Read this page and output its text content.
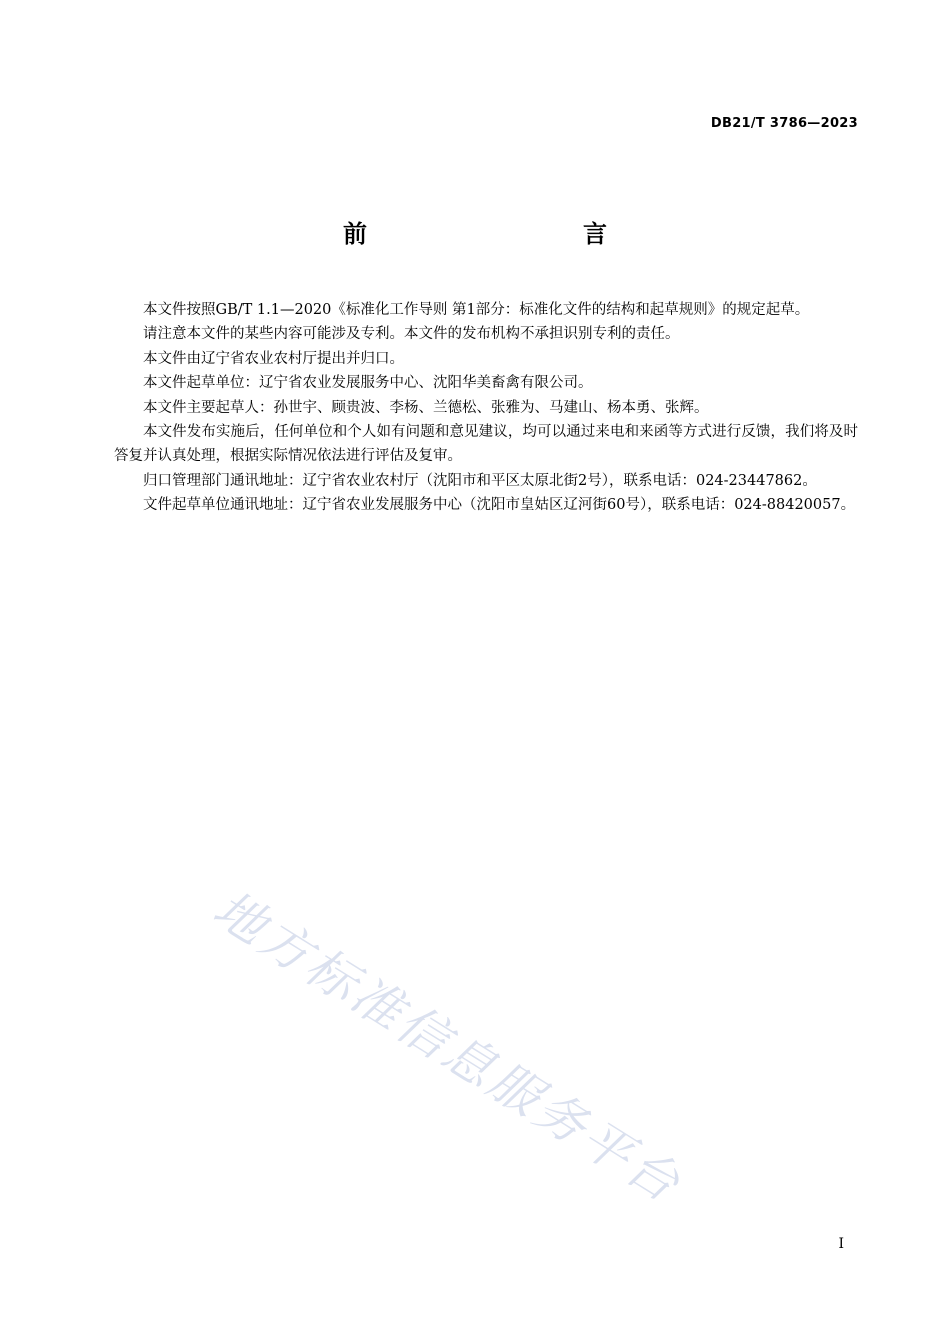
DB21/T 3786—2023
前　　言

本文件按照GB/T 1.1—2020《标准化工作导则 第1部分：标准化文件的结构和起草规则》的规定起草。

请注意本文件的某些内容可能涉及专利。本文件的发布机构不承担识别专利的责任。

本文件由辽宁省农业农村厅提出并归口。

本文件起草单位：辽宁省农业发展服务中心、沈阳华美畜禽有限公司。

本文件主要起草人：孙世宇、顾贵波、李杨、兰德松、张雅为、马建山、杨本勇、张辉。

本文件发布实施后，任何单位和个人如有问题和意见建议，均可以通过来电和来函等方式进行反馈，我们将及时答复并认真处理，根据实际情况依法进行评估及复审。

归口管理部门通讯地址：辽宁省农业农村厅（沈阳市和平区太原北街2号），联系电话：024-23447862。

文件起草单位通讯地址：辽宁省农业发展服务中心（沈阳市皇姑区辽河街60号），联系电话：024-88420057。

地方标准信息服务平台
I
